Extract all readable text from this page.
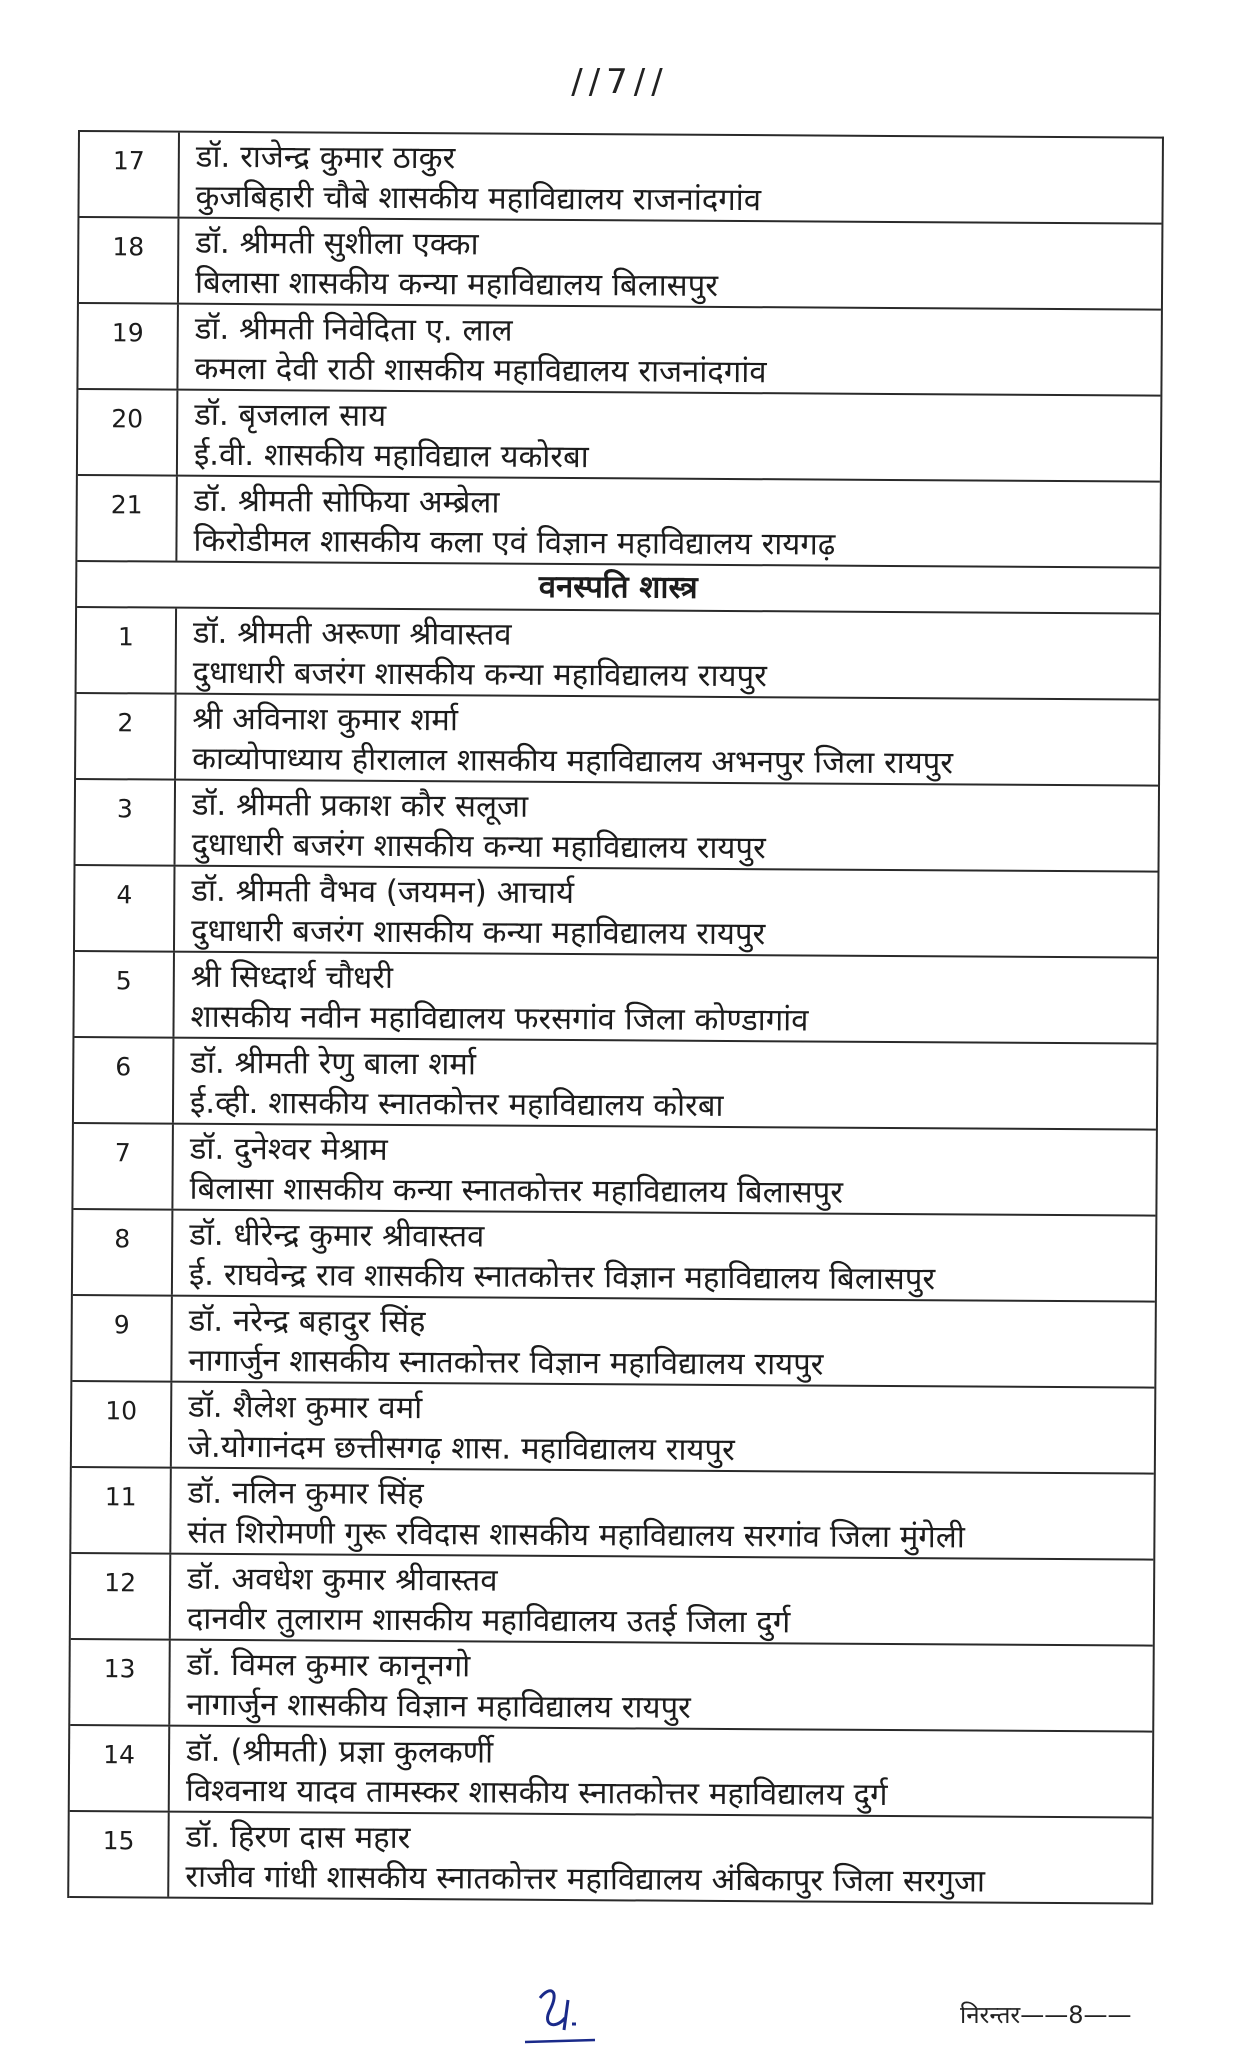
//7//
17	डॉ. राजेन्द्र कुमार ठाकुर
कुजबिहारी चौबे शासकीय महाविद्यालय राजनांदगांव
18	डॉ. श्रीमती सुशीला एक्का
बिलासा शासकीय कन्या महाविद्यालय बिलासपुर
19	डॉ. श्रीमती निवेदिता ए. लाल
कमला देवी राठी शासकीय महाविद्यालय राजनांदगांव
20	डॉ. बृजलाल साय
ई.वी. शासकीय महाविद्याल यकोरबा
21	डॉ. श्रीमती सोफिया अम्ब्रेला
किरोडीमल शासकीय कला एवं विज्ञान महाविद्यालय रायगढ़
वनस्पति शास्त्र
1	डॉ. श्रीमती अरूणा श्रीवास्तव
दुधाधारी बजरंग शासकीय कन्या महाविद्यालय रायपुर
2	श्री अविनाश कुमार शर्मा
काव्योपाध्याय हीरालाल शासकीय महाविद्यालय अभनपुर जिला रायपुर
3	डॉ. श्रीमती प्रकाश कौर सलूजा
दुधाधारी बजरंग शासकीय कन्या महाविद्यालय रायपुर
4	डॉ. श्रीमती वैभव (जयमन) आचार्य
दुधाधारी बजरंग शासकीय कन्या महाविद्यालय रायपुर
5	श्री सिध्दार्थ चौधरी
शासकीय नवीन महाविद्यालय फरसगांव जिला कोण्डागांव
6	डॉ. श्रीमती रेणु बाला शर्मा
ई.व्ही. शासकीय स्नातकोत्तर महाविद्यालय कोरबा
7	डॉ. दुनेश्वर मेश्राम
बिलासा शासकीय कन्या स्नातकोत्तर महाविद्यालय बिलासपुर
8	डॉ. धीरेन्द्र कुमार श्रीवास्तव
ई. राघवेन्द्र राव शासकीय स्नातकोत्तर विज्ञान महाविद्यालय बिलासपुर
9	डॉ. नरेन्द्र बहादुर सिंह
नागार्जुन शासकीय स्नातकोत्तर विज्ञान महाविद्यालय रायपुर
10	डॉ. शैलेश कुमार वर्मा
जे.योगानंदम छत्तीसगढ़ शास. महाविद्यालय रायपुर
11	डॉ. नलिन कुमार सिंह
संत शिरोमणी गुरू रविदास शासकीय महाविद्यालय सरगांव जिला मुंगेली
12	डॉ. अवधेश कुमार श्रीवास्तव
दानवीर तुलाराम शासकीय महाविद्यालय उतई जिला दुर्ग
13	डॉ. विमल कुमार कानूनगो
नागार्जुन शासकीय विज्ञान महाविद्यालय रायपुर
14	डॉ. (श्रीमती) प्रज्ञा कुलकर्णी
विश्वनाथ यादव तामस्कर शासकीय स्नातकोत्तर महाविद्यालय दुर्ग
15	डॉ. हिरण दास महार
राजीव गांधी शासकीय स्नातकोत्तर महाविद्यालय अंबिकापुर जिला सरगुजा
निरन्तर——8——
